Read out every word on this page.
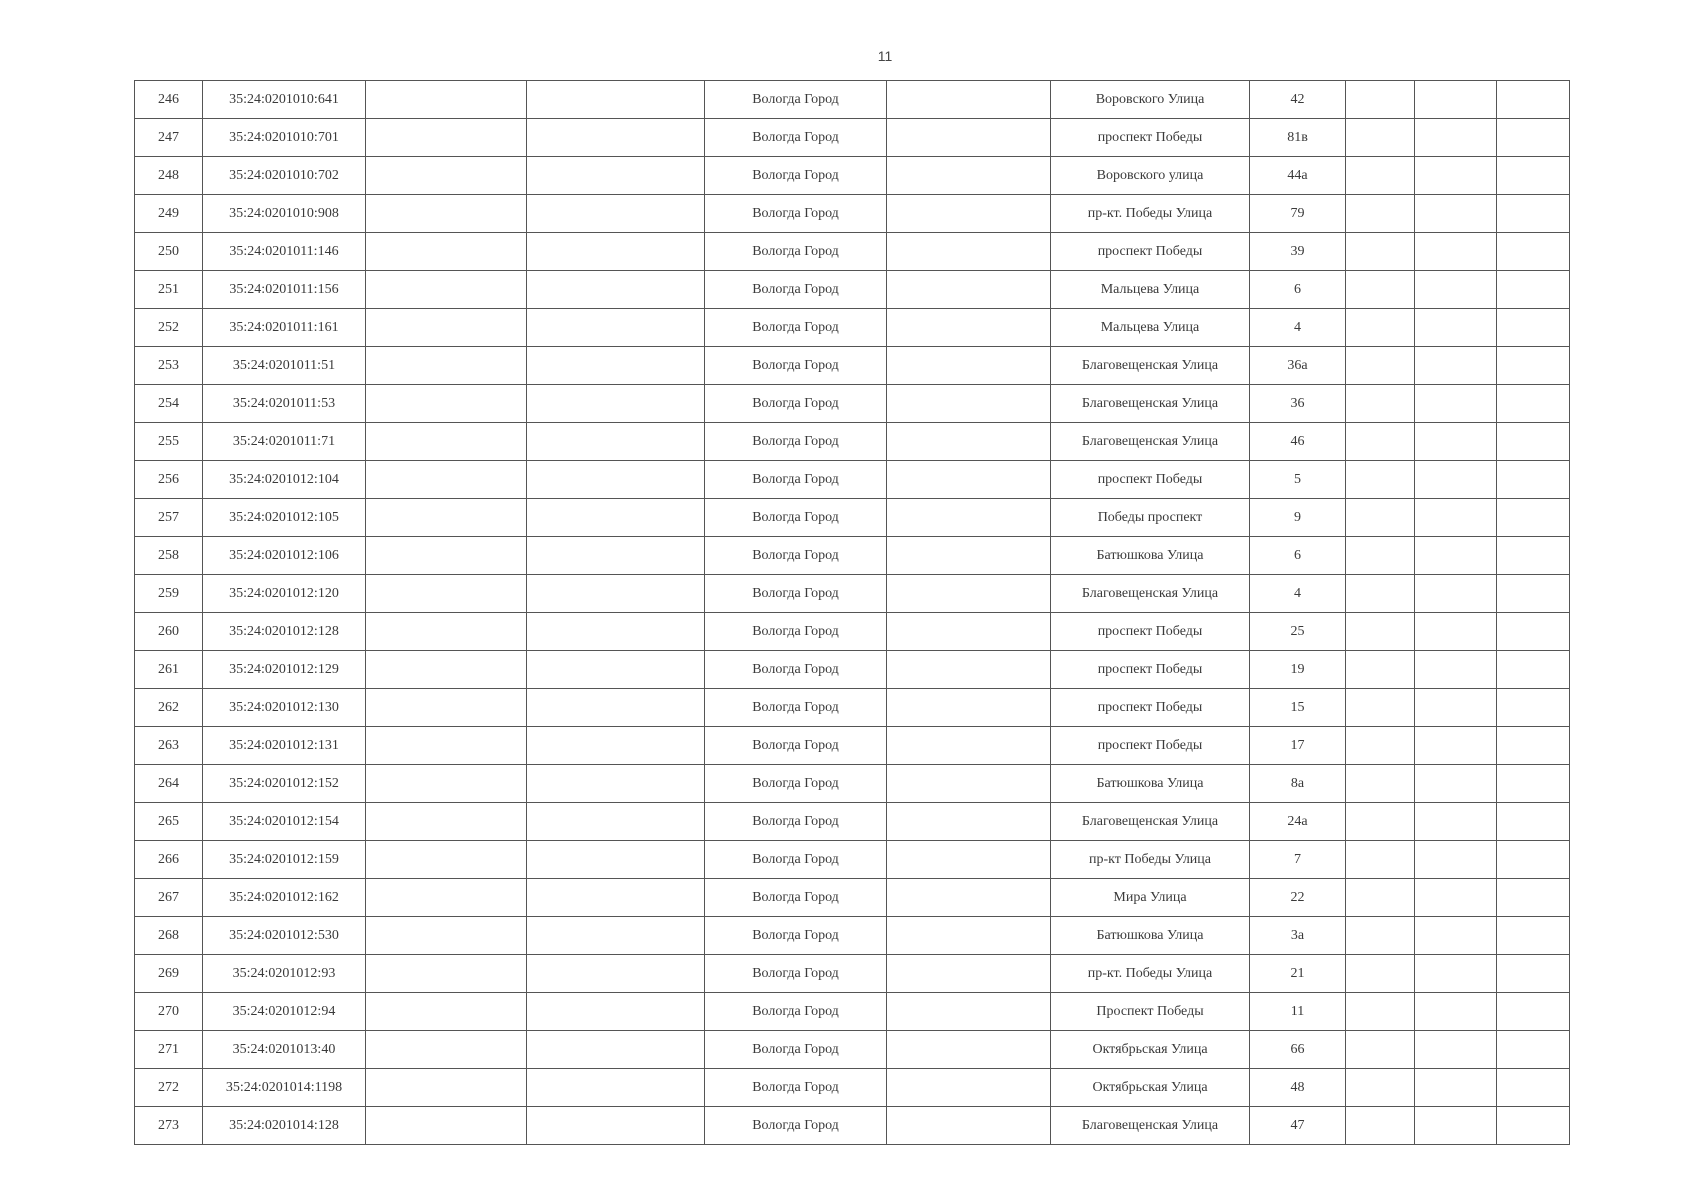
11
246	35:24:0201010:641			Вологда Город		Воровского Улица	42			
247	35:24:0201010:701			Вологда Город		проспект Победы	81в			
248	35:24:0201010:702			Вологда Город		Воровского улица	44а			
249	35:24:0201010:908			Вологда Город		пр-кт. Победы Улица	79			
250	35:24:0201011:146			Вологда Город		проспект Победы	39			
251	35:24:0201011:156			Вологда Город		Мальцева Улица	6			
252	35:24:0201011:161			Вологда Город		Мальцева Улица	4			
253	35:24:0201011:51			Вологда Город		Благовещенская Улица	36а			
254	35:24:0201011:53			Вологда Город		Благовещенская Улица	36			
255	35:24:0201011:71			Вологда Город		Благовещенская Улица	46			
256	35:24:0201012:104			Вологда Город		проспект Победы	5			
257	35:24:0201012:105			Вологда Город		Победы проспект	9			
258	35:24:0201012:106			Вологда Город		Батюшкова Улица	6			
259	35:24:0201012:120			Вологда Город		Благовещенская Улица	4			
260	35:24:0201012:128			Вологда Город		проспект Победы	25			
261	35:24:0201012:129			Вологда Город		проспект Победы	19			
262	35:24:0201012:130			Вологда Город		проспект Победы	15			
263	35:24:0201012:131			Вологда Город		проспект Победы	17			
264	35:24:0201012:152			Вологда Город		Батюшкова Улица	8а			
265	35:24:0201012:154			Вологда Город		Благовещенская Улица	24а			
266	35:24:0201012:159			Вологда Город		пр-кт Победы Улица	7			
267	35:24:0201012:162			Вологда Город		Мира Улица	22			
268	35:24:0201012:530			Вологда Город		Батюшкова Улица	3а			
269	35:24:0201012:93			Вологда Город		пр-кт. Победы Улица	21			
270	35:24:0201012:94			Вологда Город		Проспект Победы	11			
271	35:24:0201013:40			Вологда Город		Октябрьская Улица	66			
272	35:24:0201014:1198			Вологда Город		Октябрьская Улица	48			
273	35:24:0201014:128			Вологда Город		Благовещенская Улица	47			
